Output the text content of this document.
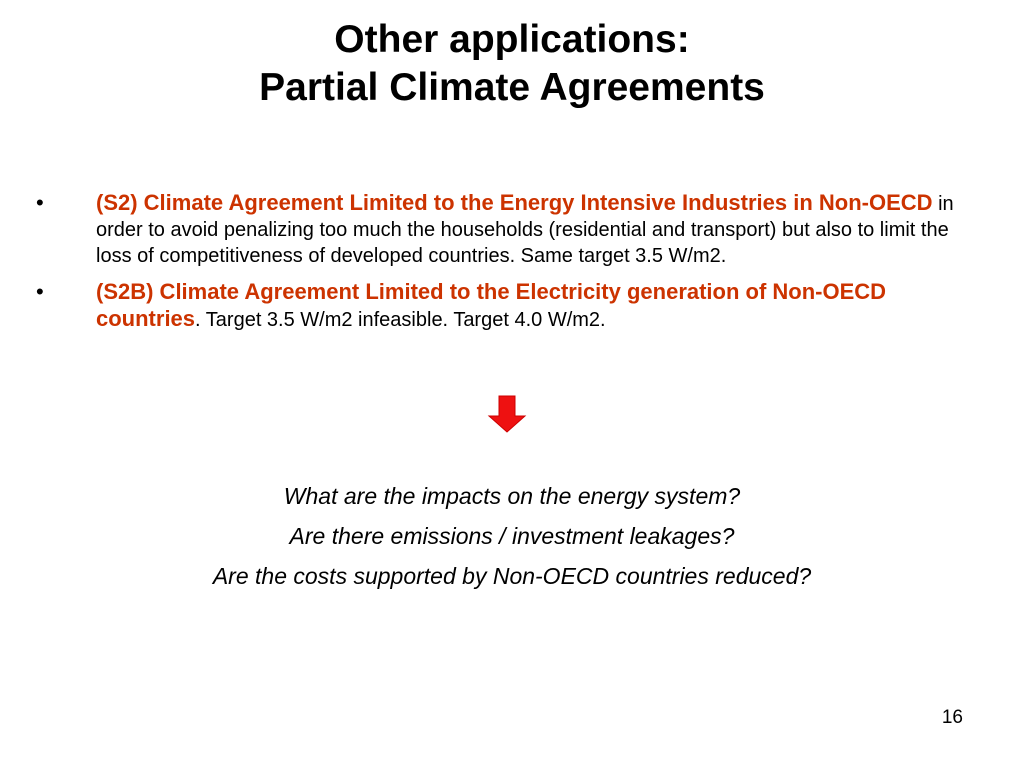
Other applications:
Partial Climate Agreements
• (S2) Climate Agreement Limited to the Energy Intensive Industries in Non-OECD in order to avoid penalizing too much the households (residential and transport) but also to limit the loss of competitiveness of developed countries. Same target 3.5 W/m2.
• (S2B) Climate Agreement Limited to the Electricity generation of Non-OECD countries. Target 3.5 W/m2 infeasible. Target 4.0 W/m2.
What are the impacts on the energy system?
Are there emissions / investment leakages?
Are the costs supported by Non-OECD countries reduced?
16
